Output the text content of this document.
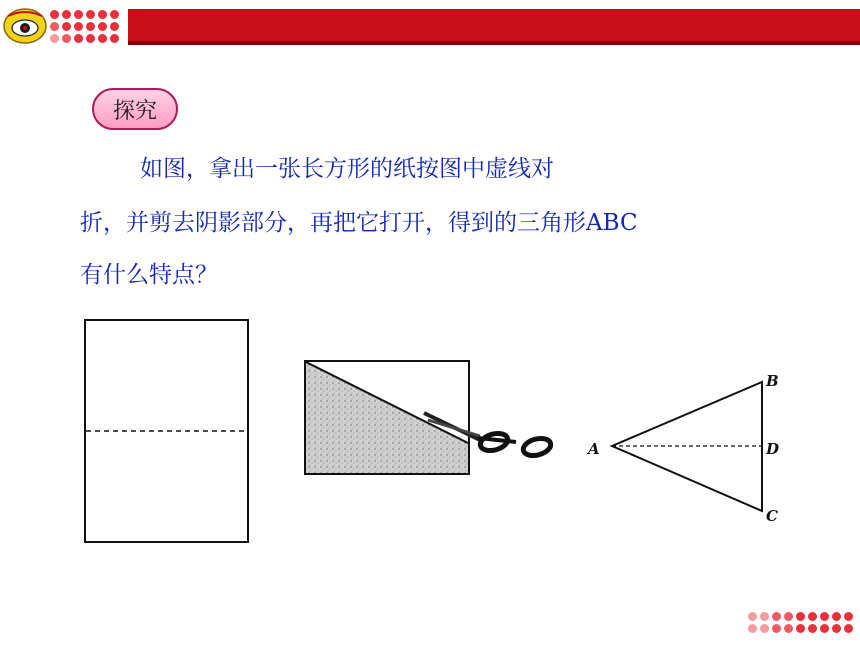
探究
如图，拿出一张长方形的纸按图中虚线对
折，并剪去阴影部分，再把它打开，得到的三角形ABC
有什么特点？
A
B
D
C
